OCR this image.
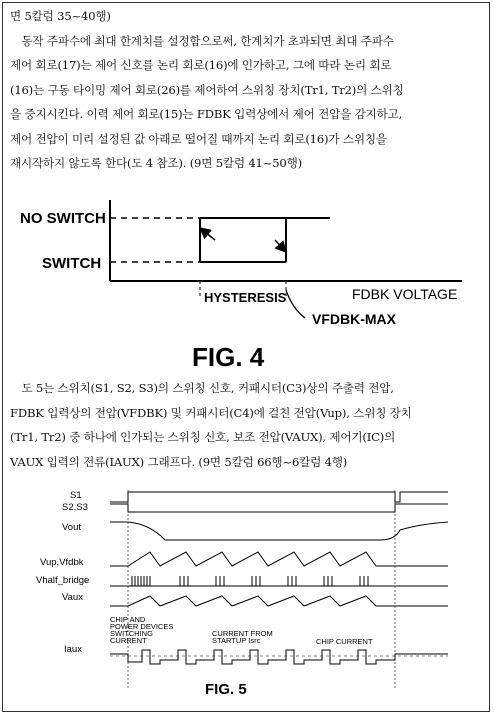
면 5칼럼 35~40행)
　동작 주파수에 최대 한계치를 설정함으로써, 한계치가 초과되면 최대 주파수
제어 회로(17)는 제어 신호를 논리 회로(16)에 인가하고, 그에 따라 논리 회로
(16)는 구동 타이밍 제어 회로(26)를 제어하여 스위칭 장치(Tr1, Tr2)의 스위칭
을 중지시킨다. 이력 제어 회로(15)는 FDBK 입력상에서 제어 전압을 감지하고,
제어 전압이 미리 설정된 값 아래로 떨어질 때까지 논리 회로(16)가 스위칭을
재시작하지 않도록 한다(도 4 참조). (9면 5칼럼 41~50행)
NO SWITCH
SWITCH
FDBK VOLTAGE
HYSTERESIS
VFDBK-MAX
FIG. 4
　도 5는 스위치(S1, S2, S3)의 스위칭 신호, 커패시터(C3)상의 주출력 전압,
FDBK 입력상의 전압(VFDBK) 및 커패시터(C4)에 걸친 전압(Vup), 스위칭 장치
(Tr1, Tr2) 중 하나에 인가되는 스위칭 신호, 보조 전압(VAUX), 제어기(IC)의
VAUX 입력의 전류(IAUX) 그래프다. (9면 5칼럼 66행~6칼럼 4행)
S1
S2,S3
Vout
Vup,Vfdbk
Vhalf_bridge
Vaux
Iaux
CHIP AND
POWER DEVICES
SWITCHING
CURRENT
CURRENT FROM
STARTUP Isrc	CHIP CURRENT
FIG. 5
